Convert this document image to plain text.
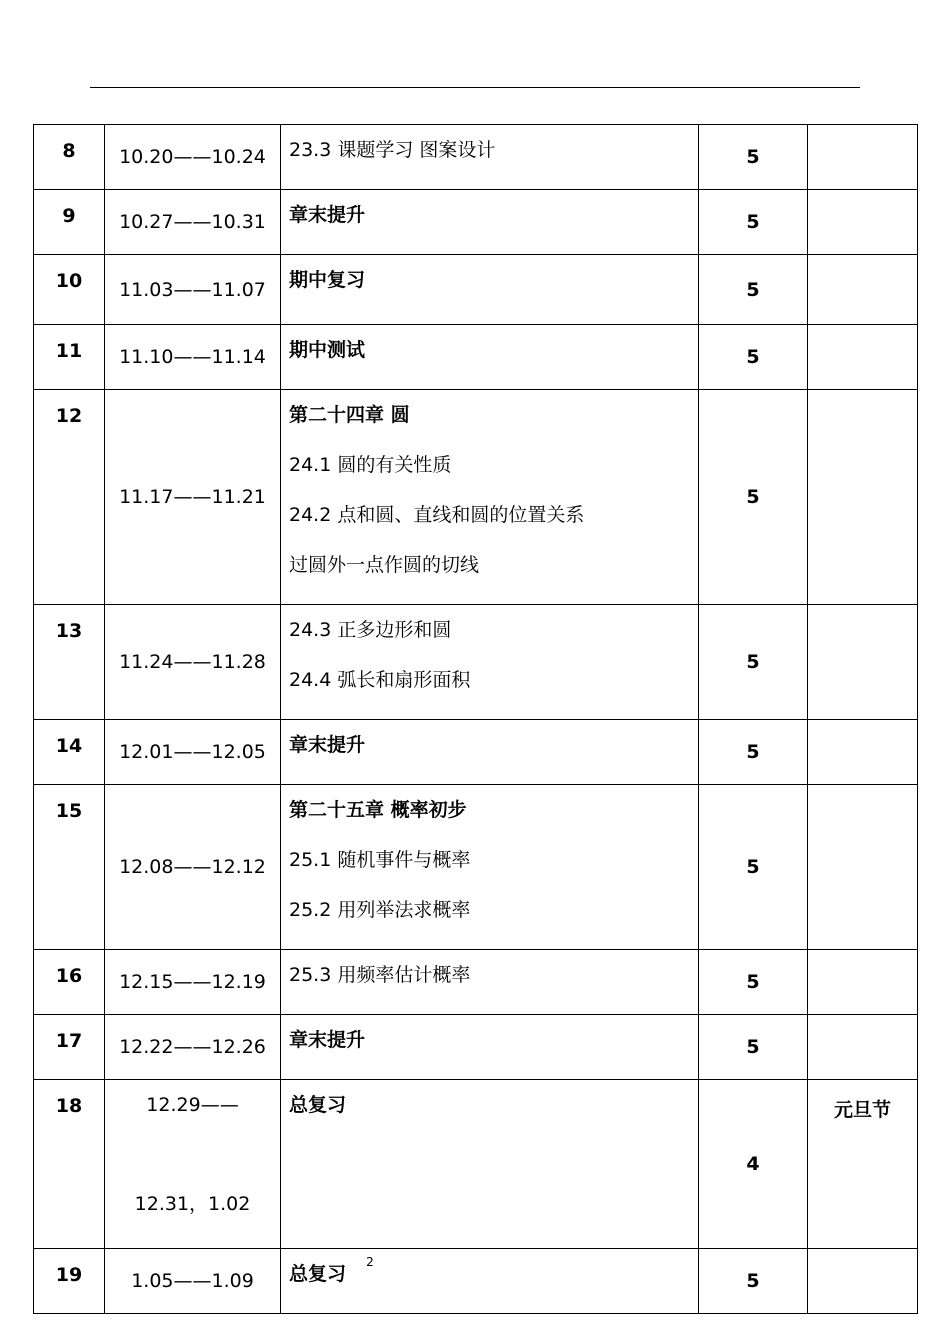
8	10.20——10.24	23.3 课题学习 图案设计	5	
9	10.27——10.31	章末提升	5	
10	11.03——11.07	期中复习	5	
11	11.10——11.14	期中测试	5	
12	11.17——11.21	第二十四章 圆
24.1 圆的有关性质
24.2 点和圆、直线和圆的位置关系
过圆外一点作圆的切线	5	
13	11.24——11.28	24.3 正多边形和圆
24.4 弧长和扇形面积	5	
14	12.01——12.05	章末提升	5	
15	12.08——12.12	第二十五章 概率初步
25.1 随机事件与概率
25.2 用列举法求概率	5	
16	12.15——12.19	25.3 用频率估计概率	5	
17	12.22——12.26	章末提升	5	
18	12.29——
12.31，1.02	总复习	4	元旦节
19	1.05——1.09	总复习	5	
2
